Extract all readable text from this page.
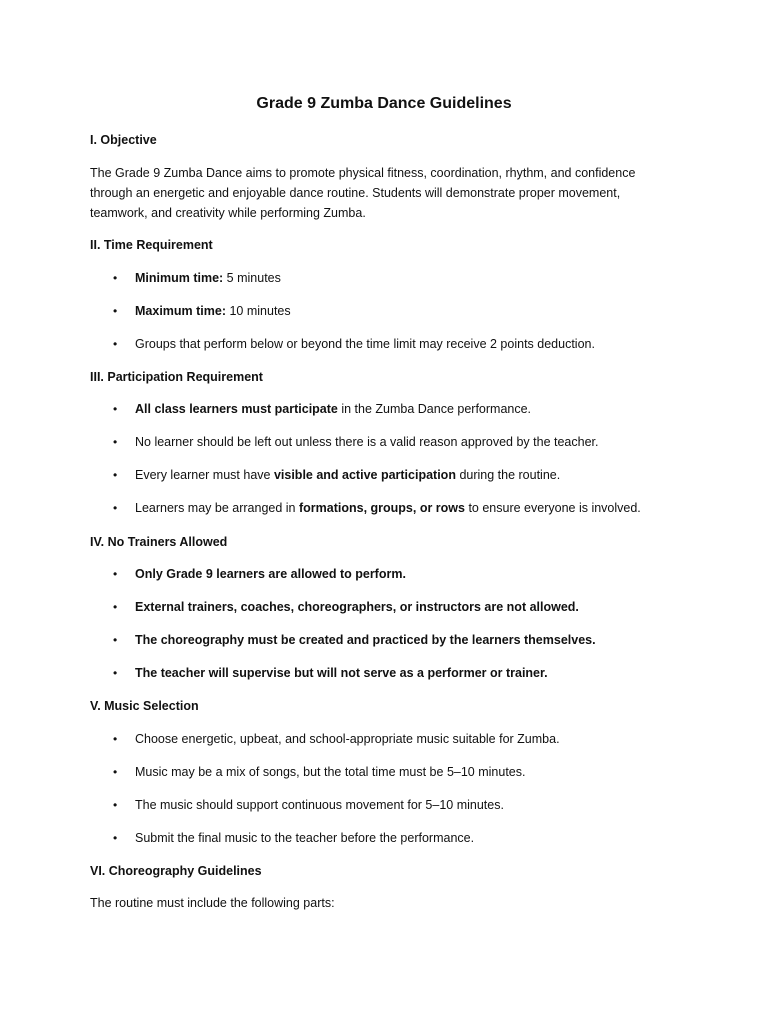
Grade 9 Zumba Dance Guidelines
I. Objective
The Grade 9 Zumba Dance aims to promote physical fitness, coordination, rhythm, and confidence through an energetic and enjoyable dance routine. Students will demonstrate proper movement, teamwork, and creativity while performing Zumba.
II. Time Requirement
• Minimum time: 5 minutes
• Maximum time: 10 minutes
• Groups that perform below or beyond the time limit may receive 2 points deduction.
III. Participation Requirement
• All class learners must participate in the Zumba Dance performance.
• No learner should be left out unless there is a valid reason approved by the teacher.
• Every learner must have visible and active participation during the routine.
• Learners may be arranged in formations, groups, or rows to ensure everyone is involved.
IV. No Trainers Allowed
• Only Grade 9 learners are allowed to perform.
• External trainers, coaches, choreographers, or instructors are not allowed.
• The choreography must be created and practiced by the learners themselves.
• The teacher will supervise but will not serve as a performer or trainer.
V. Music Selection
• Choose energetic, upbeat, and school-appropriate music suitable for Zumba.
• Music may be a mix of songs, but the total time must be 5–10 minutes.
• The music should support continuous movement for 5–10 minutes.
• Submit the final music to the teacher before the performance.
VI. Choreography Guidelines
The routine must include the following parts:
